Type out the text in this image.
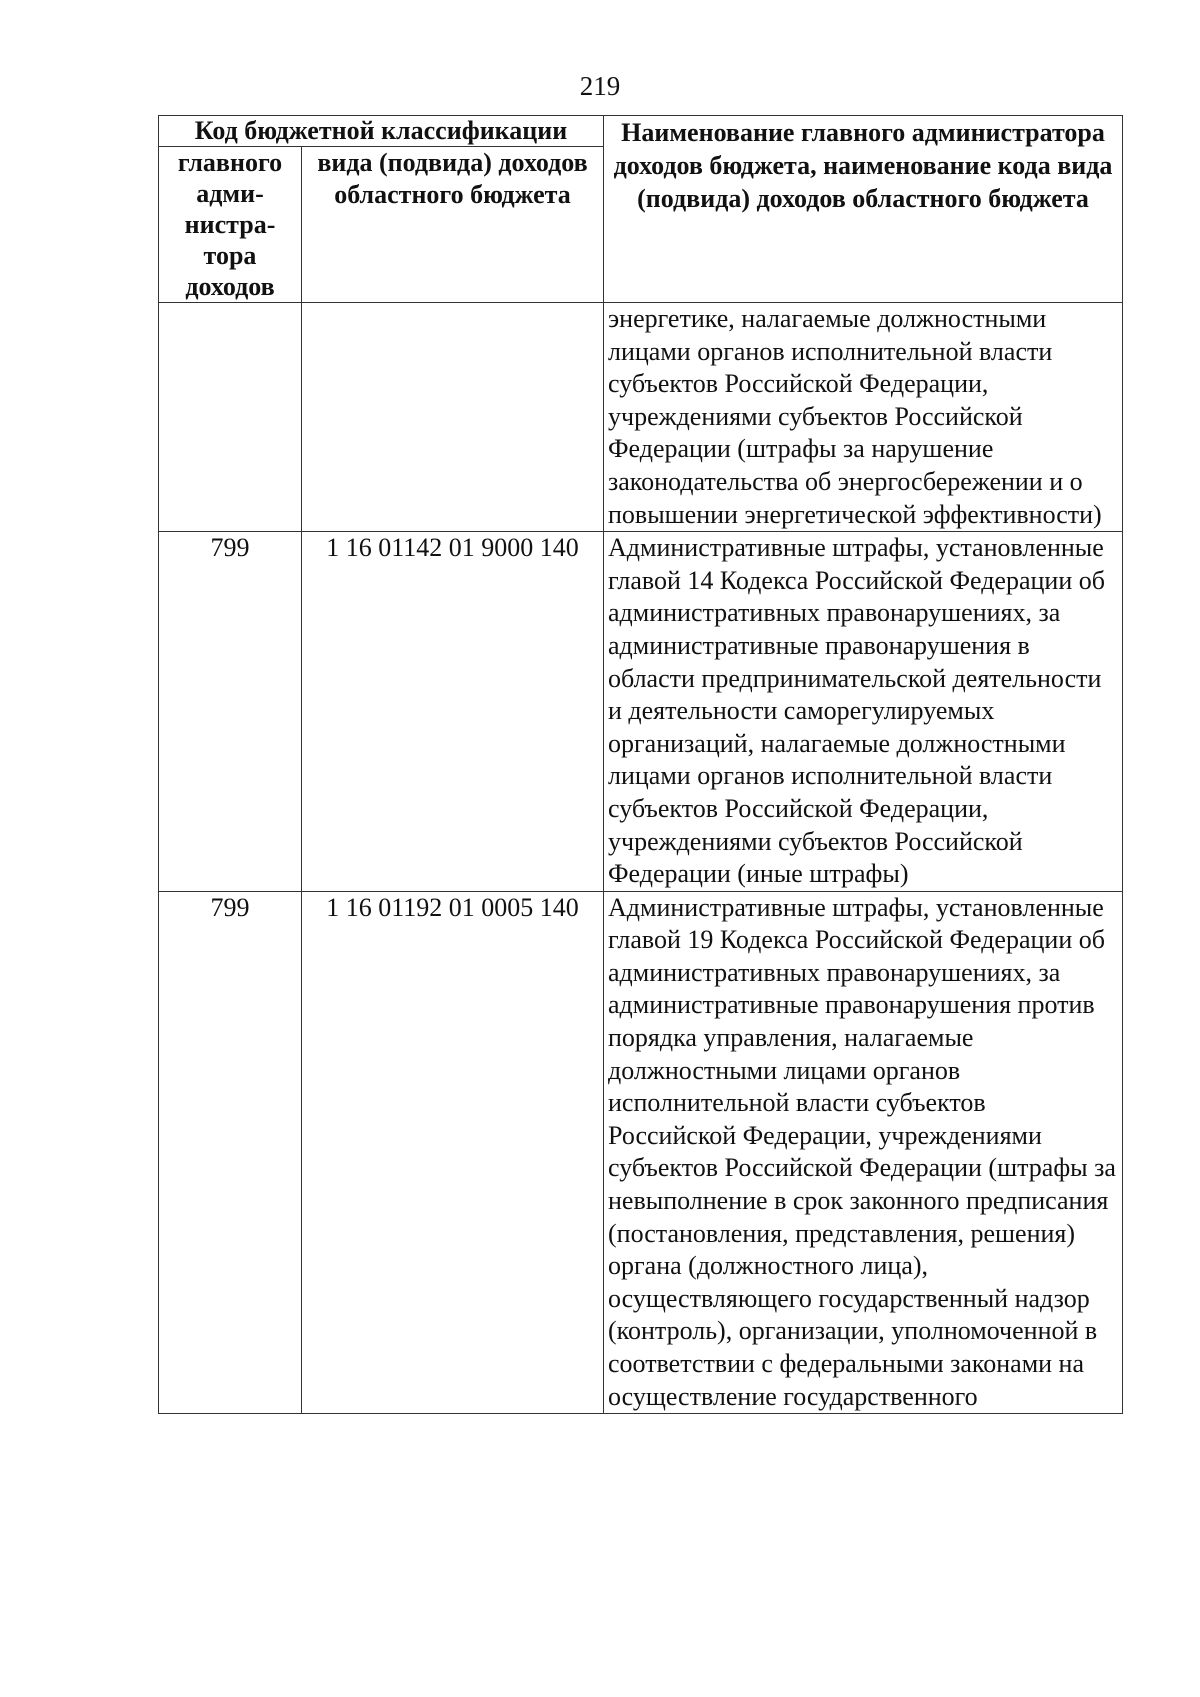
219
Код бюджетной классификации		Наименование главного администратора доходов бюджета, наименование кода вида (подвида) доходов областного бюджета
главного адми-нистра-тора доходов	вида (подвида) доходов областного бюджета	
		энергетике, налагаемые должностными лицами органов исполнительной власти субъектов Российской Федерации, учреждениями субъектов Российской Федерации (штрафы за нарушение законодательства об энергосбережении и о повышении энергетической эффективности)
799	1 16 01142 01 9000 140	Административные штрафы, установленные главой 14 Кодекса Российской Федерации об административных правонарушениях, за административные правонарушения в области предпринимательской деятельности и деятельности саморегулируемых организаций, налагаемые должностными лицами органов исполнительной власти субъектов Российской Федерации, учреждениями субъектов Российской Федерации (иные штрафы)
799	1 16 01192 01 0005 140	Административные штрафы, установленные главой 19 Кодекса Российской Федерации об административных правонарушениях, за административные правонарушения против порядка управления, налагаемые должностными лицами органов исполнительной власти субъектов Российской Федерации, учреждениями субъектов Российской Федерации (штрафы за невыполнение в срок законного предписания (постановления, представления, решения) органа (должностного лица), осуществляющего государственный надзор (контроль), организации, уполномоченной в соответствии с федеральными законами на осуществление государственного
